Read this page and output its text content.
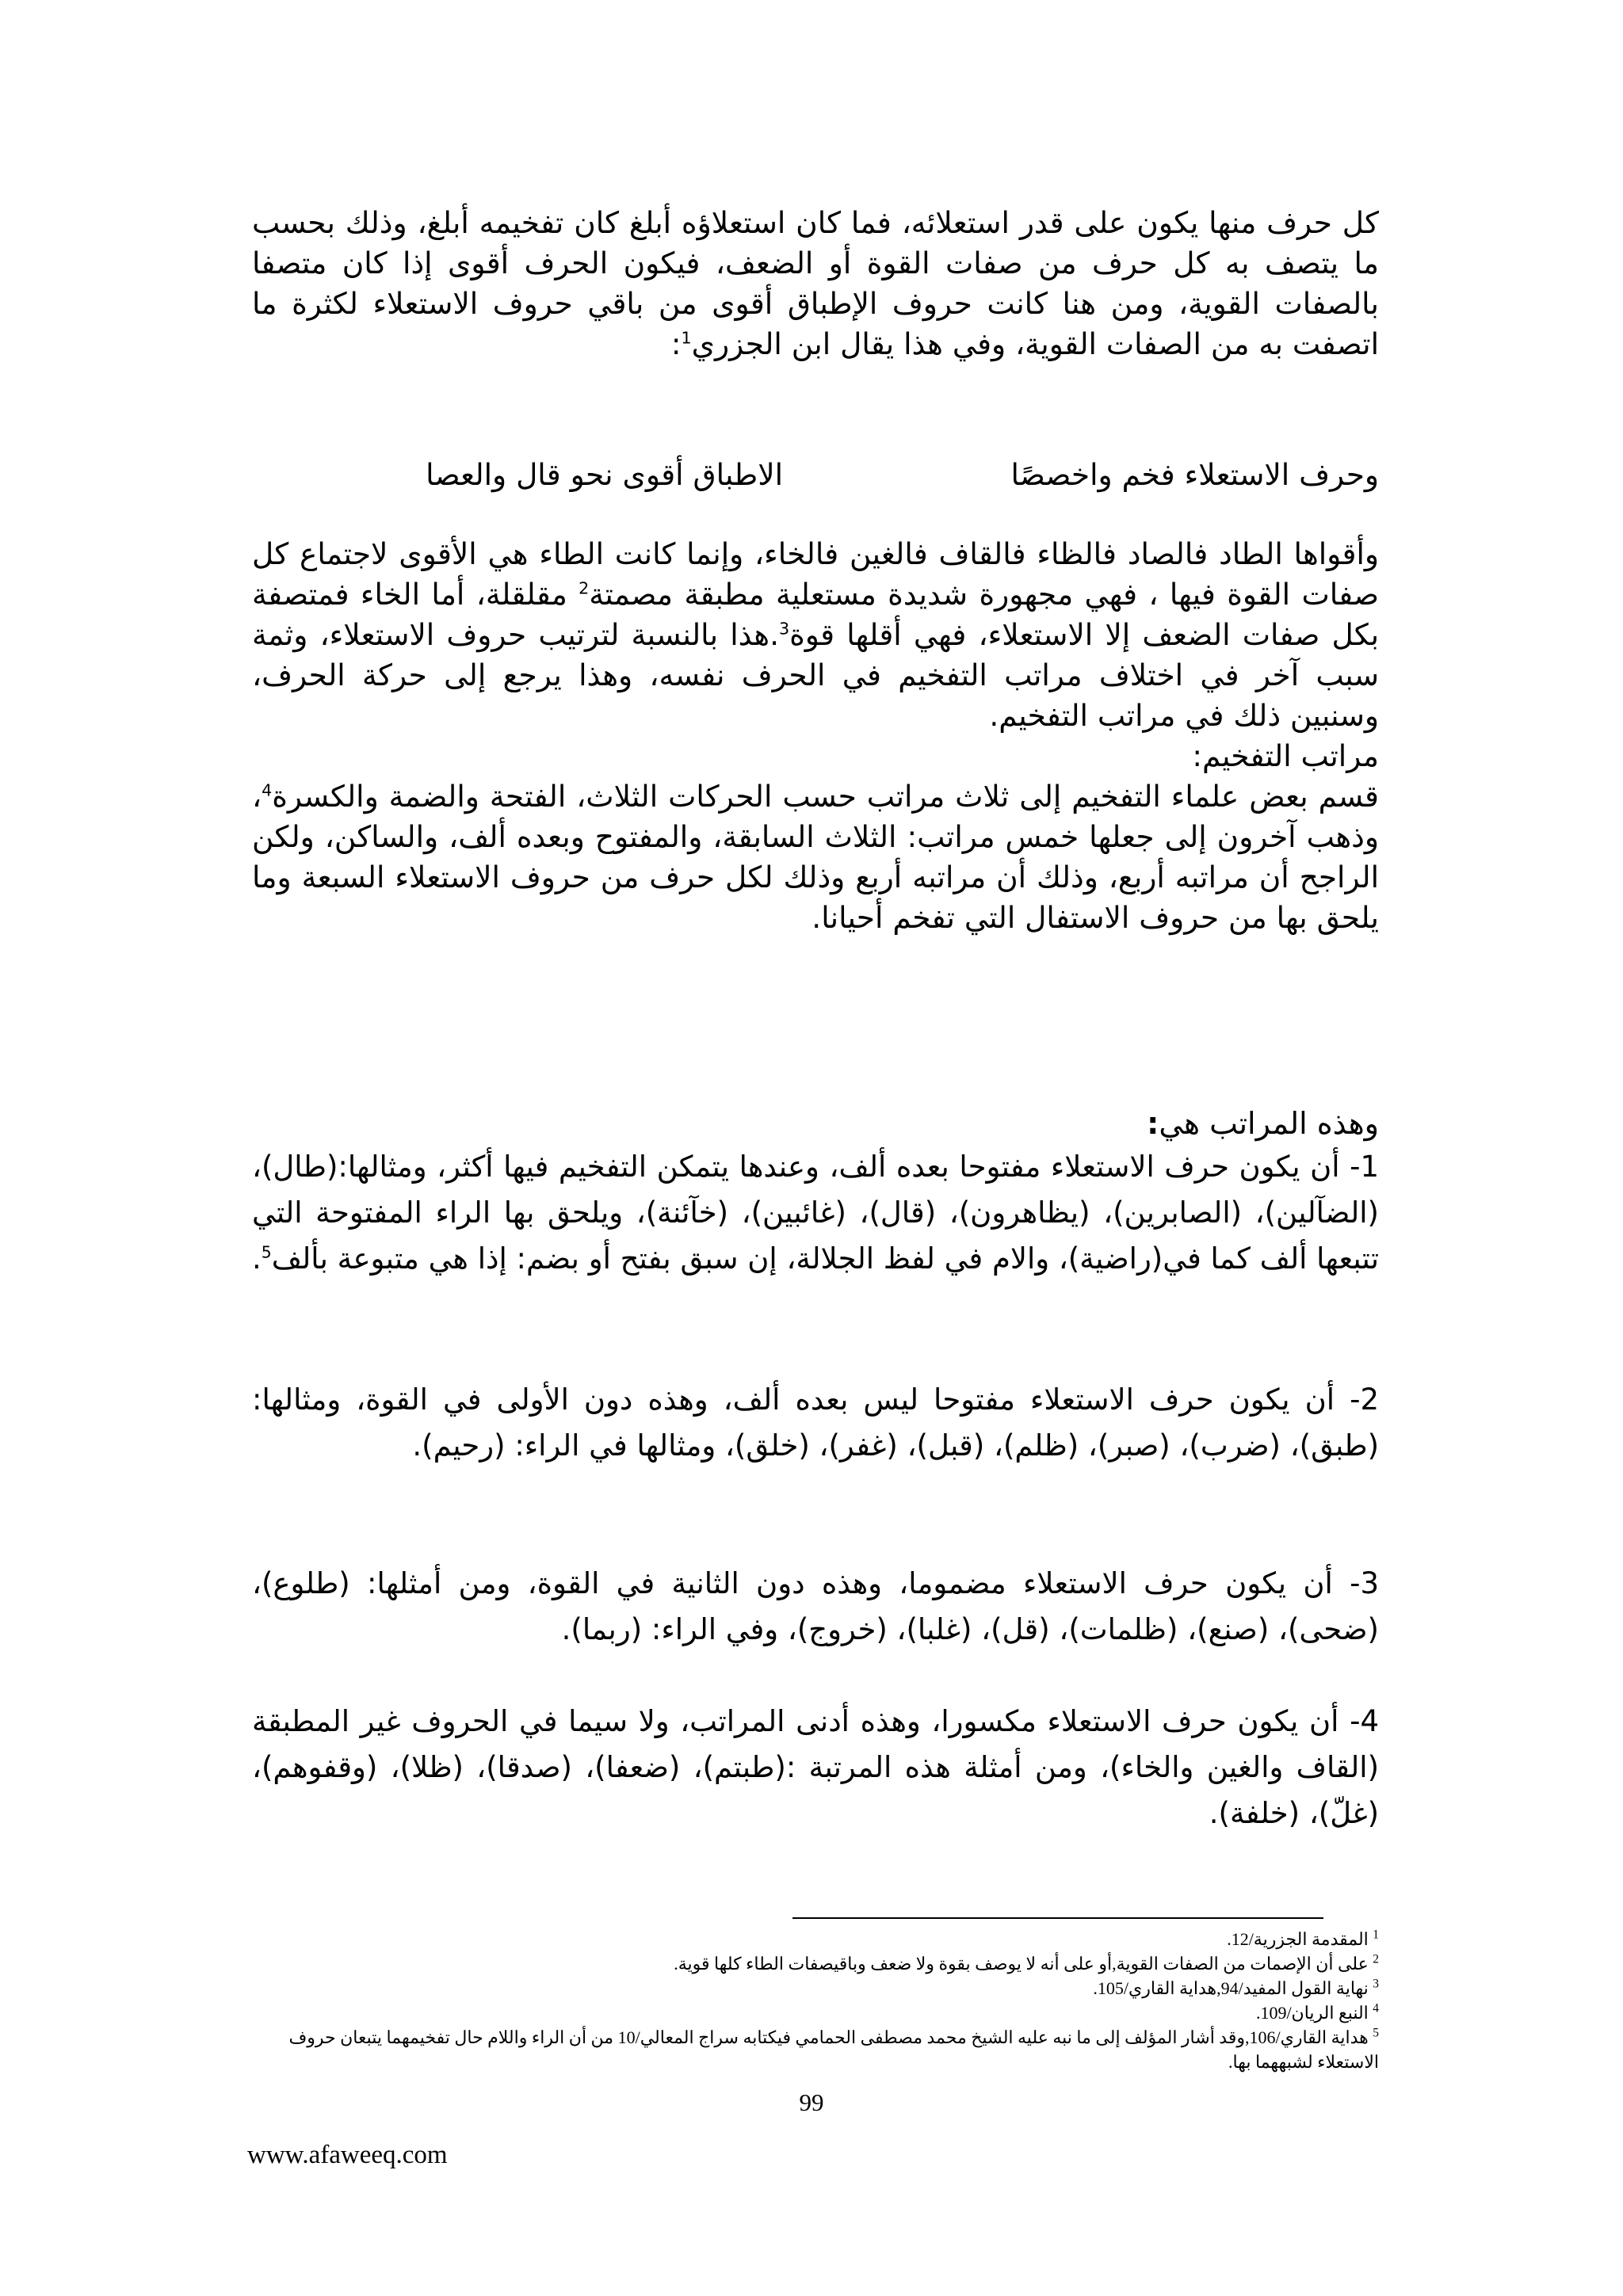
كل حرف منها يكون على قدر استعلائه، فما كان استعلاؤه أبلغ كان تفخيمه أبلغ، وذلك بحسب ما يتصف به كل حرف من صفات القوة أو الضعف، فيكون الحرف أقوى إذا كان متصفا بالصفات القوية، ومن هنا كانت حروف الإطباق أقوى من باقي حروف الاستعلاء لكثرة ما اتصفت به من الصفات القوية، وفي هذا يقال ابن الجزري$^1$:

وحرف الاستعلاء فخم واخصصًا
الاطباق أقوى نحو قال والعصا

وأقواها الطاد فالصاد فالظاء فالقاف فالغين فالخاء، وإنما كانت الطاء هي الأقوى لاجتماع كل صفات القوة فيها ، فهي مجهورة شديدة مستعلية مطبقة مصمتة$^2$ مقلقلة، أما الخاء فمتصفة بكل صفات الضعف إلا الاستعلاء، فهي أقلها قوة$^3$.هذا بالنسبة لترتيب حروف الاستعلاء، وثمة سبب آخر في اختلاف مراتب التفخيم في الحرف نفسه، وهذا يرجع إلى حركة الحرف، وسنبين ذلك في مراتب التفخيم.

مراتب التفخيم:

قسم بعض علماء التفخيم إلى ثلاث مراتب حسب الحركات الثلاث، الفتحة والضمة والكسرة$^4$، وذهب آخرون إلى جعلها خمس مراتب: الثلاث السابقة، والمفتوح وبعده ألف، والساكن، ولكن الراجح أن مراتبه أربع، وذلك أن مراتبه أربع وذلك لكل حرف من حروف الاستعلاء السبعة وما يلحق بها من حروف الاستفال التي تفخم أحيانا.

وهذه المراتب هي:

1- أن يكون حرف الاستعلاء مفتوحا بعده ألف، وعندها يتمكن التفخيم فيها أكثر، ومثالها:(طال)، (الضآلين)، (الصابرين)، (يظاهرون)، (قال)، (غائبين)، (خآئنة)، ويلحق بها الراء المفتوحة التي تتبعها ألف كما في(راضية)، والام في لفظ الجلالة، إن سبق بفتح أو بضم: إذا هي متبوعة بألف$^5$.

2- أن يكون حرف الاستعلاء مفتوحا ليس بعده ألف، وهذه دون الأولى في القوة، ومثالها: (طبق)، (ضرب)، (صبر)، (ظلم)، (قبل)، (غفر)، (خلق)، ومثالها في الراء: (رحيم).

3- أن يكون حرف الاستعلاء مضموما، وهذه دون الثانية في القوة، ومن أمثلها: (طلوع)، (ضحى)، (صنع)، (ظلمات)، (قل)، (غلبا)، (خروج)، وفي الراء: (ربما).

4- أن يكون حرف الاستعلاء مكسورا، وهذه أدنى المراتب، ولا سيما في الحروف غير المطبقة (القاف والغين والخاء)، ومن أمثلة هذه المرتبة :(طبتم)، (ضعفا)، (صدقا)، (ظلا)، (وقفوهم)، (غلّ)، (خلفة).

$^1$ المقدمة الجزرية/12.

$^2$ على أن الإصمات من الصفات القوية,أو على أنه لا يوصف بقوة ولا ضعف وباقيصفات الطاء كلها قوية.

$^3$ نهاية القول المفيد/94,هداية القاري/105.

$^4$ النبع الريان/109.

$^5$ هداية القاري/106,وقد أشار المؤلف إلى ما نبه عليه الشيخ محمد مصطفى الحمامي فيكتابه سراج المعالي/10 من أن الراء واللام حال تفخيمهما يتبعان حروف الاستعلاء لشبههما بها.

99
www.afaweeq.com
